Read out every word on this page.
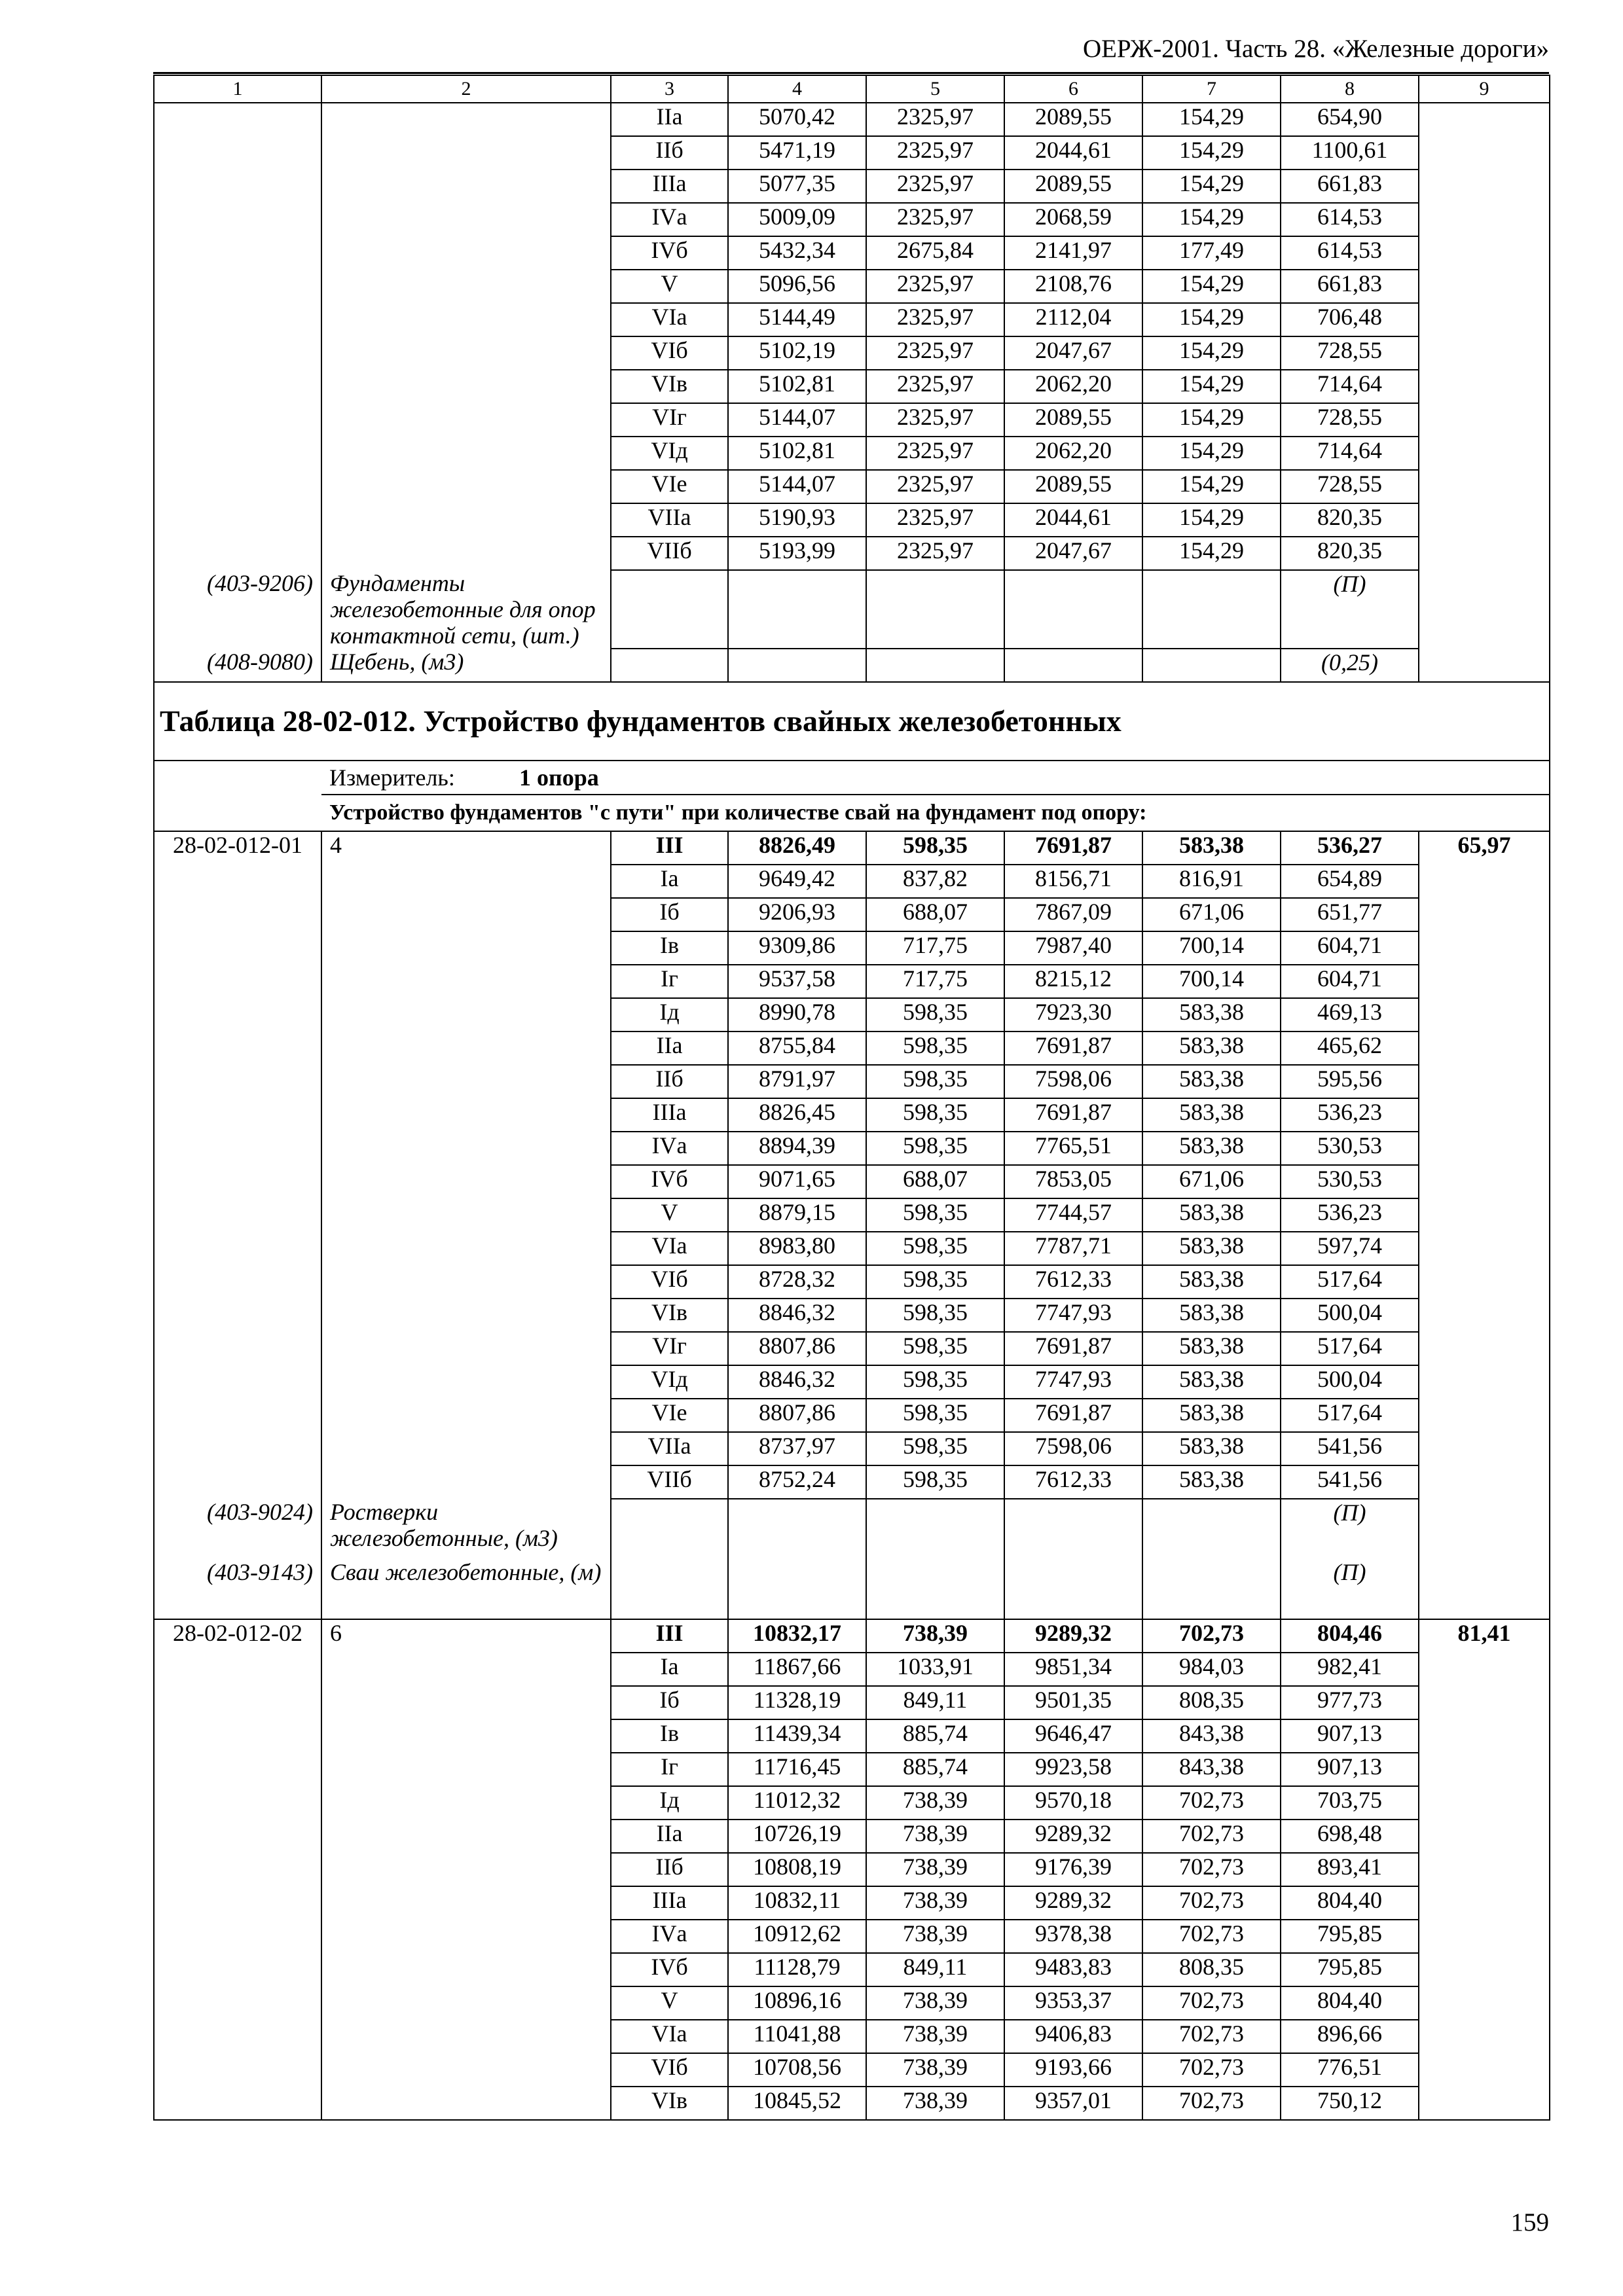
ОЕРЖ-2001. Часть 28. «Железные дороги»
1	2	3	4	5	6	7	8	9
		IIа	5070,42	2325,97	2089,55	154,29	654,90	
		IIб	5471,19	2325,97	2044,61	154,29	1100,61	
		IIIа	5077,35	2325,97	2089,55	154,29	661,83	
		IVа	5009,09	2325,97	2068,59	154,29	614,53	
		IVб	5432,34	2675,84	2141,97	177,49	614,53	
		V	5096,56	2325,97	2108,76	154,29	661,83	
		VIа	5144,49	2325,97	2112,04	154,29	706,48	
		VIб	5102,19	2325,97	2047,67	154,29	728,55	
		VIв	5102,81	2325,97	2062,20	154,29	714,64	
		VIг	5144,07	2325,97	2089,55	154,29	728,55	
		VIд	5102,81	2325,97	2062,20	154,29	714,64	
		VIе	5144,07	2325,97	2089,55	154,29	728,55	
		VIIа	5190,93	2325,97	2044,61	154,29	820,35	
		VIIб	5193,99	2325,97	2047,67	154,29	820,35	
(403-9206)	Фундаменты железобетонные для опор контактной сети, (шт.)						(П)	
(408-9080)	Щебень, (м3)						(0,25)	
Таблица 28-02-012. Устройство фундаментов свайных железобетонных								
	Измеритель: 1 опора							
	Устройство фундаментов "с пути" при количестве свай на фундамент под опору:							
28-02-012-01	4	III	8826,49	598,35	7691,87	583,38	536,27	65,97
		Iа	9649,42	837,82	8156,71	816,91	654,89	
		Iб	9206,93	688,07	7867,09	671,06	651,77	
		Iв	9309,86	717,75	7987,40	700,14	604,71	
		Iг	9537,58	717,75	8215,12	700,14	604,71	
		Iд	8990,78	598,35	7923,30	583,38	469,13	
		IIа	8755,84	598,35	7691,87	583,38	465,62	
		IIб	8791,97	598,35	7598,06	583,38	595,56	
		IIIа	8826,45	598,35	7691,87	583,38	536,23	
		IVа	8894,39	598,35	7765,51	583,38	530,53	
		IVб	9071,65	688,07	7853,05	671,06	530,53	
		V	8879,15	598,35	7744,57	583,38	536,23	
		VIа	8983,80	598,35	7787,71	583,38	597,74	
		VIб	8728,32	598,35	7612,33	583,38	517,64	
		VIв	8846,32	598,35	7747,93	583,38	500,04	
		VIг	8807,86	598,35	7691,87	583,38	517,64	
		VIд	8846,32	598,35	7747,93	583,38	500,04	
		VIе	8807,86	598,35	7691,87	583,38	517,64	
		VIIа	8737,97	598,35	7598,06	583,38	541,56	
		VIIб	8752,24	598,35	7612,33	583,38	541,56	
(403-9024)	Ростверки железобетонные, (м3)						(П)	
(403-9143)	Сваи железобетонные, (м)						(П)	
28-02-012-02	6	III	10832,17	738,39	9289,32	702,73	804,46	81,41
		Iа	11867,66	1033,91	9851,34	984,03	982,41	
		Iб	11328,19	849,11	9501,35	808,35	977,73	
		Iв	11439,34	885,74	9646,47	843,38	907,13	
		Iг	11716,45	885,74	9923,58	843,38	907,13	
		Iд	11012,32	738,39	9570,18	702,73	703,75	
		IIа	10726,19	738,39	9289,32	702,73	698,48	
		IIб	10808,19	738,39	9176,39	702,73	893,41	
		IIIа	10832,11	738,39	9289,32	702,73	804,40	
		IVа	10912,62	738,39	9378,38	702,73	795,85	
		IVб	11128,79	849,11	9483,83	808,35	795,85	
		V	10896,16	738,39	9353,37	702,73	804,40	
		VIа	11041,88	738,39	9406,83	702,73	896,66	
		VIб	10708,56	738,39	9193,66	702,73	776,51	
		VIв	10845,52	738,39	9357,01	702,73	750,12	
159
